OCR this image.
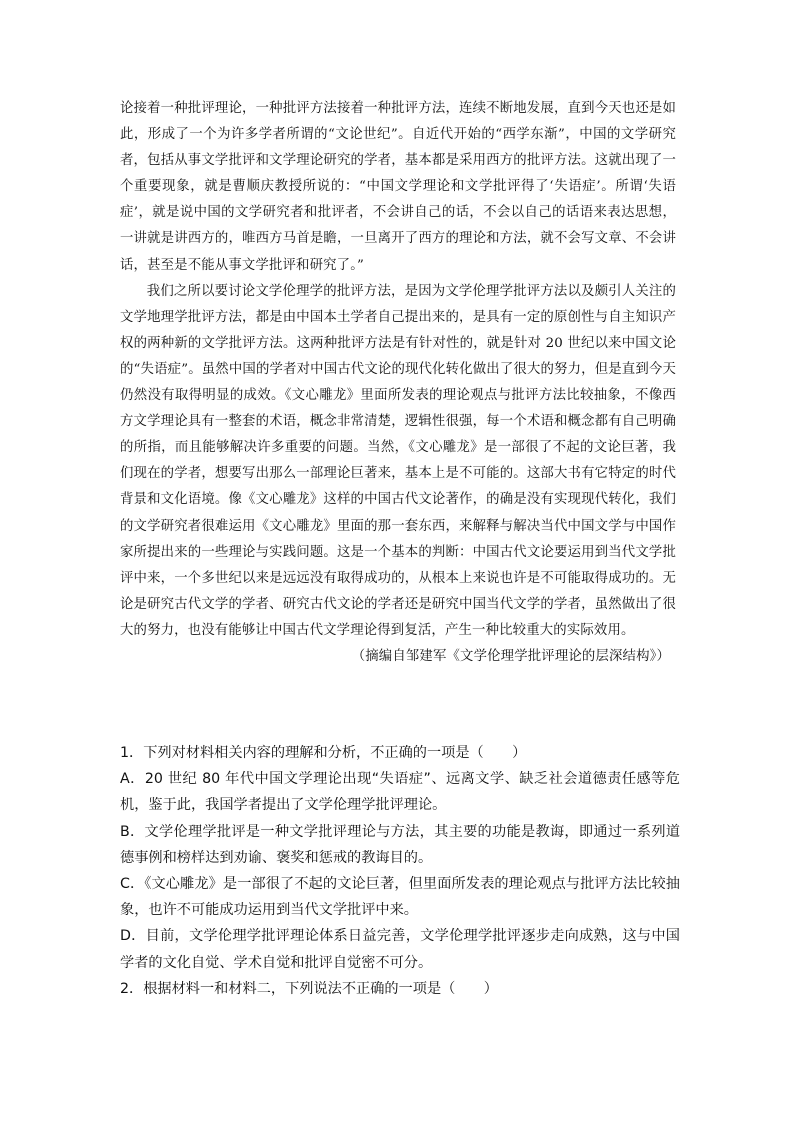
论接着一种批评理论，一种批评方法接着一种批评方法，连续不断地发展，直到今天也还是如此，形成了一个为许多学者所谓的“文论世纪”。自近代开始的“西学东渐”，中国的文学研究者，包括从事文学批评和文学理论研究的学者，基本都是采用西方的批评方法。这就出现了一个重要现象，就是曹顺庆教授所说的：“中国文学理论和文学批评得了‘失语症’。所谓‘失语症’，就是说中国的文学研究者和批评者，不会讲自己的话，不会以自己的话语来表达思想，一讲就是讲西方的，唯西方马首是瞻，一旦离开了西方的理论和方法，就不会写文章、不会讲话，甚至是不能从事文学批评和研究了。”

我们之所以要讨论文学伦理学的批评方法，是因为文学伦理学批评方法以及颇引人关注的文学地理学批评方法，都是由中国本土学者自己提出来的，是具有一定的原创性与自主知识产权的两种新的文学批评方法。这两种批评方法是有针对性的，就是针对 20 世纪以来中国文论的“失语症”。虽然中国的学者对中国古代文论的现代化转化做出了很大的努力，但是直到今天仍然没有取得明显的成效。《文心雕龙》里面所发表的理论观点与批评方法比较抽象，不像西方文学理论具有一整套的术语，概念非常清楚，逻辑性很强，每一个术语和概念都有自己明确的所指，而且能够解决许多重要的问题。当然，《文心雕龙》是一部很了不起的文论巨著，我们现在的学者，想要写出那么一部理论巨著来，基本上是不可能的。这部大书有它特定的时代背景和文化语境。像《文心雕龙》这样的中国古代文论著作，的确是没有实现现代转化，我们的文学研究者很难运用《文心雕龙》里面的那一套东西，来解释与解决当代中国文学与中国作家所提出来的一些理论与实践问题。这是一个基本的判断：中国古代文论要运用到当代文学批评中来，一个多世纪以来是远远没有取得成功的，从根本上来说也许是不可能取得成功的。无论是研究古代文学的学者、研究古代文论的学者还是研究中国当代文学的学者，虽然做出了很大的努力，也没有能够让中国古代文学理论得到复活，产生一种比较重大的实际效用。

（摘编自邹建军《文学伦理学批评理论的层深结构》）

1．下列对材料相关内容的理解和分析，不正确的一项是（　　）

A．20 世纪 80 年代中国文学理论出现“失语症”、远离文学、缺乏社会道德责任感等危机，鉴于此，我国学者提出了文学伦理学批评理论。

B．文学伦理学批评是一种文学批评理论与方法，其主要的功能是教诲，即通过一系列道德事例和榜样达到劝谕、褒奖和惩戒的教诲目的。

C．《文心雕龙》是一部很了不起的文论巨著，但里面所发表的理论观点与批评方法比较抽象，也许不可能成功运用到当代文学批评中来。

D．目前，文学伦理学批评理论体系日益完善，文学伦理学批评逐步走向成熟，这与中国学者的文化自觉、学术自觉和批评自觉密不可分。

2．根据材料一和材料二，下列说法不正确的一项是（　　）
